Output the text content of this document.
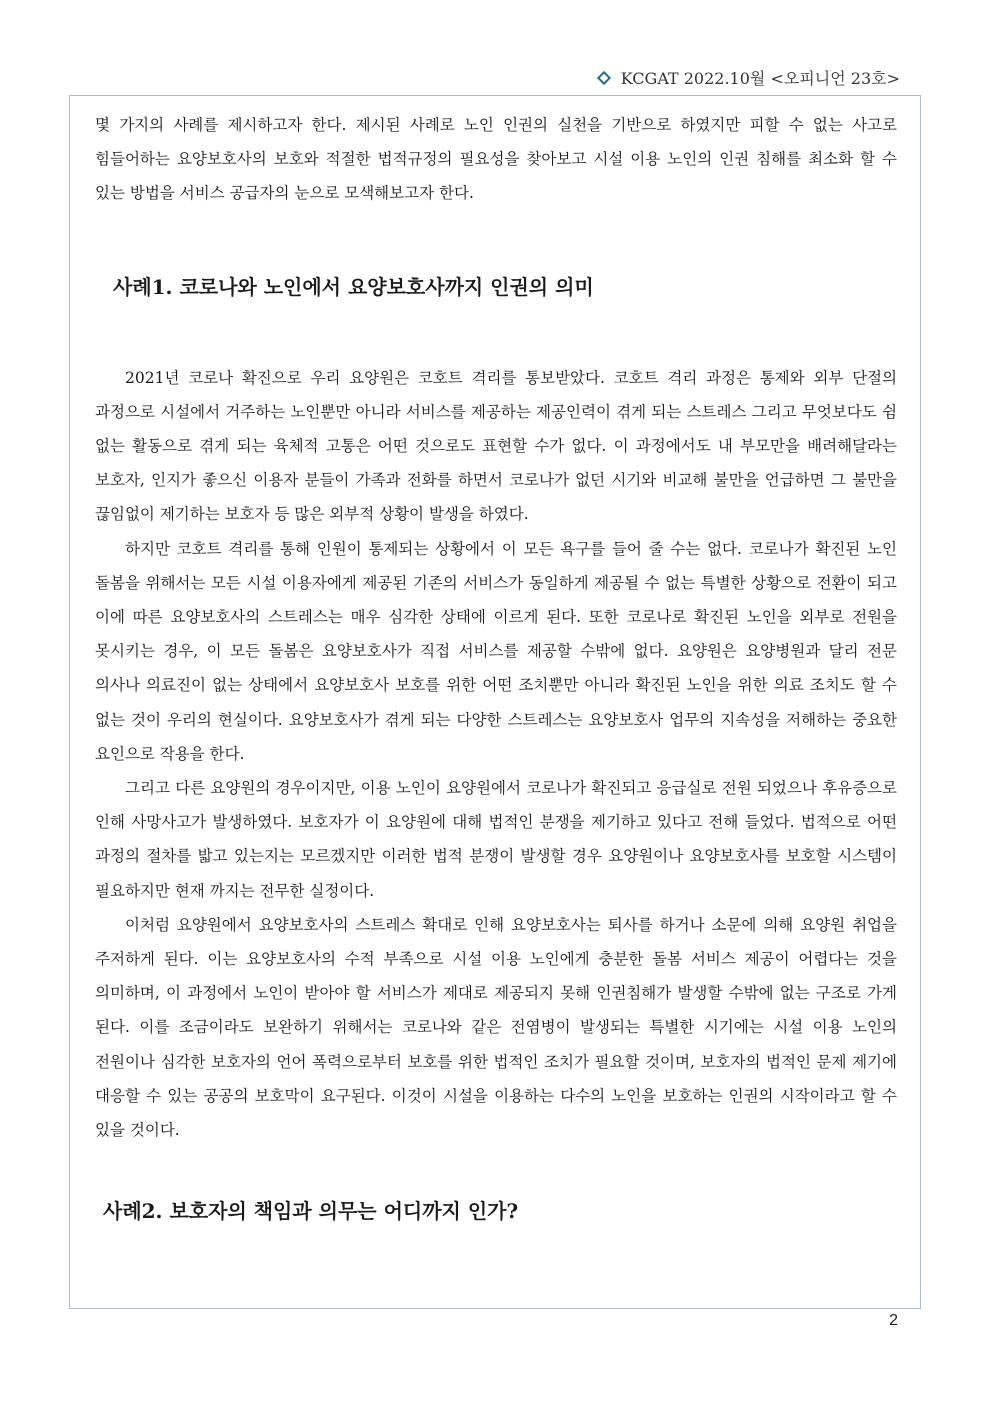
KCGAT 2022.10월 <오피니언 23호>

몇 가지의 사례를 제시하고자 한다. 제시된 사례로 노인 인권의 실천을 기반으로 하였지만 피할 수 없는 사고로 힘들어하는 요양보호사의 보호와 적절한 법적규정의 필요성을 찾아보고 시설 이용 노인의 인권 침해를 최소화 할 수 있는 방법을 서비스 공급자의 눈으로 모색해보고자 한다.

사례1. 코로나와 노인에서 요양보호사까지 인권의 의미

2021년 코로나 확진으로 우리 요양원은 코호트 격리를 통보받았다. 코호트 격리 과정은 통제와 외부 단절의 과정으로 시설에서 거주하는 노인뿐만 아니라 서비스를 제공하는 제공인력이 겪게 되는 스트레스 그리고 무엇보다도 쉼 없는 활동으로 겪게 되는 육체적 고통은 어떤 것으로도 표현할 수가 없다. 이 과정에서도 내 부모만을 배려해달라는 보호자, 인지가 좋으신 이용자 분들이 가족과 전화를 하면서 코로나가 없던 시기와 비교해 불만을 언급하면 그 불만을 끊임없이 제기하는 보호자 등 많은 외부적 상황이 발생을 하였다.

하지만 코호트 격리를 통해 인원이 통제되는 상황에서 이 모든 욕구를 들어 줄 수는 없다. 코로나가 확진된 노인 돌봄을 위해서는 모든 시설 이용자에게 제공된 기존의 서비스가 동일하게 제공될 수 없는 특별한 상황으로 전환이 되고 이에 따른 요양보호사의 스트레스는 매우 심각한 상태에 이르게 된다. 또한 코로나로 확진된 노인을 외부로 전원을 못시키는 경우, 이 모든 돌봄은 요양보호사가 직접 서비스를 제공할 수밖에 없다. 요양원은 요양병원과 달리 전문 의사나 의료진이 없는 상태에서 요양보호사 보호를 위한 어떤 조치뿐만 아니라 확진된 노인을 위한 의료 조치도 할 수 없는 것이 우리의 현실이다. 요양보호사가 겪게 되는 다양한 스트레스는 요양보호사 업무의 지속성을 저해하는 중요한 요인으로 작용을 한다.

그리고 다른 요양원의 경우이지만, 이용 노인이 요양원에서 코로나가 확진되고 응급실로 전원 되었으나 후유증으로 인해 사망사고가 발생하였다. 보호자가 이 요양원에 대해 법적인 분쟁을 제기하고 있다고 전해 들었다. 법적으로 어떤 과정의 절차를 밟고 있는지는 모르겠지만 이러한 법적 분쟁이 발생할 경우 요양원이나 요양보호사를 보호할 시스템이 필요하지만 현재 까지는 전무한 실정이다.

이처럼 요양원에서 요양보호사의 스트레스 확대로 인해 요양보호사는 퇴사를 하거나 소문에 의해 요양원 취업을 주저하게 된다. 이는 요양보호사의 수적 부족으로 시설 이용 노인에게 충분한 돌봄 서비스 제공이 어렵다는 것을 의미하며, 이 과정에서 노인이 받아야 할 서비스가 제대로 제공되지 못해 인권침해가 발생할 수밖에 없는 구조로 가게 된다. 이를 조금이라도 보완하기 위해서는 코로나와 같은 전염병이 발생되는 특별한 시기에는 시설 이용 노인의 전원이나 심각한 보호자의 언어 폭력으로부터 보호를 위한 법적인 조치가 필요할 것이며, 보호자의 법적인 문제 제기에 대응할 수 있는 공공의 보호막이 요구된다. 이것이 시설을 이용하는 다수의 노인을 보호하는 인권의 시작이라고 할 수 있을 것이다.

사례2. 보호자의 책임과 의무는 어디까지 인가?
2
